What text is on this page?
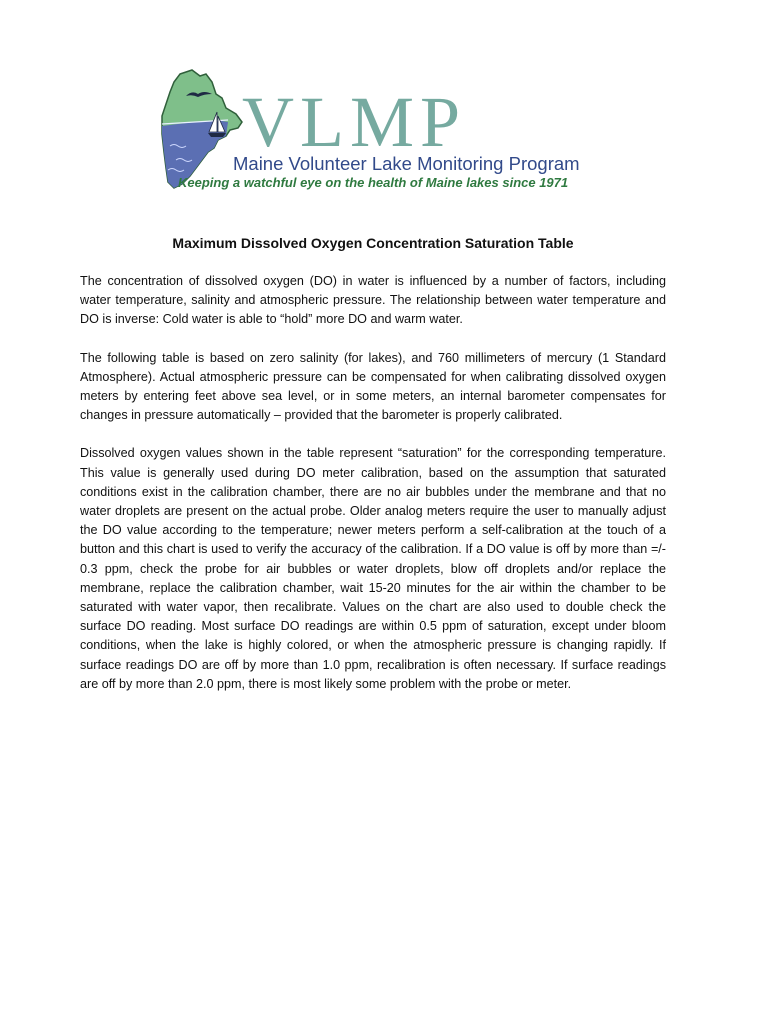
VLMP
Maine Volunteer Lake Monitoring Program
Keeping a watchful eye on the health of Maine lakes since 1971
Maximum Dissolved Oxygen Concentration Saturation Table

The concentration of dissolved oxygen (DO) in water is influenced by a number of factors, including water temperature, salinity and atmospheric pressure. The relationship between water temperature and DO is inverse: Cold water is able to “hold” more DO and warm water.

The following table is based on zero salinity (for lakes), and 760 millimeters of mercury (1 Standard Atmosphere). Actual atmospheric pressure can be compensated for when calibrating dissolved oxygen meters by entering feet above sea level, or in some meters, an internal barometer compensates for changes in pressure automatically – provided that the barometer is properly calibrated.

Dissolved oxygen values shown in the table represent “saturation” for the corresponding temperature. This value is generally used during DO meter calibration, based on the assumption that saturated conditions exist in the calibration chamber, there are no air bubbles under the membrane and that no water droplets are present on the actual probe. Older analog meters require the user to manually adjust the DO value according to the temperature; newer meters perform a self-calibration at the touch of a button and this chart is used to verify the accuracy of the calibration. If a DO value is off by more than =/- 0.3 ppm, check the probe for air bubbles or water droplets, blow off droplets and/or replace the membrane, replace the calibration chamber, wait 15-20 minutes for the air within the chamber to be saturated with water vapor, then recalibrate. Values on the chart are also used to double check the surface DO reading. Most surface DO readings are within 0.5 ppm of saturation, except under bloom conditions, when the lake is highly colored, or when the atmospheric pressure is changing rapidly. If surface readings DO are off by more than 1.0 ppm, recalibration is often necessary. If surface readings are off by more than 2.0 ppm, there is most likely some problem with the probe or meter.
